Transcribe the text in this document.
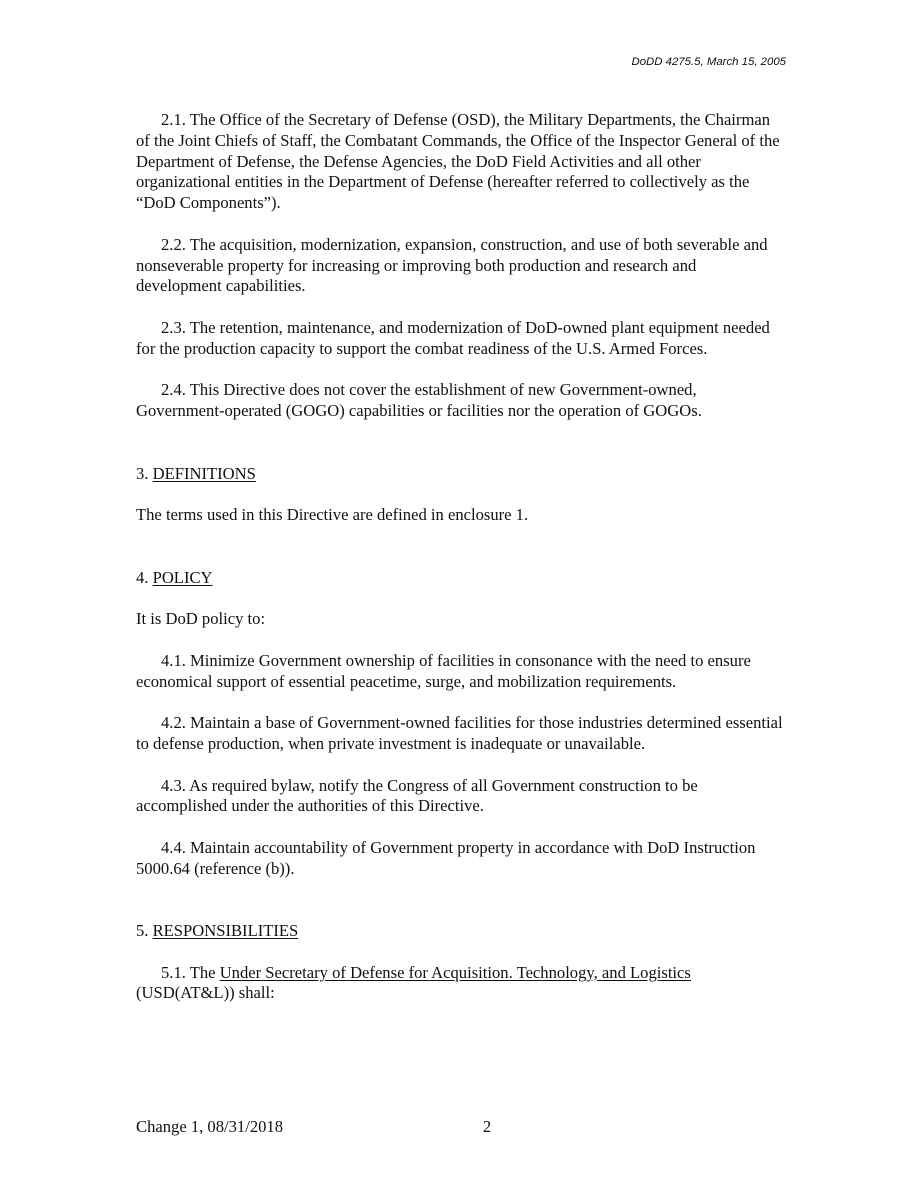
DoDD 4275.5, March 15, 2005

2.1. The Office of the Secretary of Defense (OSD), the Military Departments, the Chairman of the Joint Chiefs of Staff, the Combatant Commands, the Office of the Inspector General of the Department of Defense, the Defense Agencies, the DoD Field Activities and all other organizational entities in the Department of Defense (hereafter referred to collectively as the “DoD Components”).

2.2. The acquisition, modernization, expansion, construction, and use of both severable and nonseverable property for increasing or improving both production and research and development capabilities.

2.3. The retention, maintenance, and modernization of DoD-owned plant equipment needed for the production capacity to support the combat readiness of the U.S. Armed Forces.

2.4. This Directive does not cover the establishment of new Government-owned, Government-operated (GOGO) capabilities or facilities nor the operation of GOGOs.

3. DEFINITIONS

The terms used in this Directive are defined in enclosure 1.

4. POLICY

It is DoD policy to:

4.1. Minimize Government ownership of facilities in consonance with the need to ensure economical support of essential peacetime, surge, and mobilization requirements.

4.2. Maintain a base of Government-owned facilities for those industries determined essential to defense production, when private investment is inadequate or unavailable.

4.3. As required bylaw, notify the Congress of all Government construction to be accomplished under the authorities of this Directive.

4.4. Maintain accountability of Government property in accordance with DoD Instruction 5000.64 (reference (b)).

5. RESPONSIBILITIES

5.1. The Under Secretary of Defense for Acquisition. Technology, and Logistics (USD(AT&L)) shall:

Change 1, 08/31/2018	2
